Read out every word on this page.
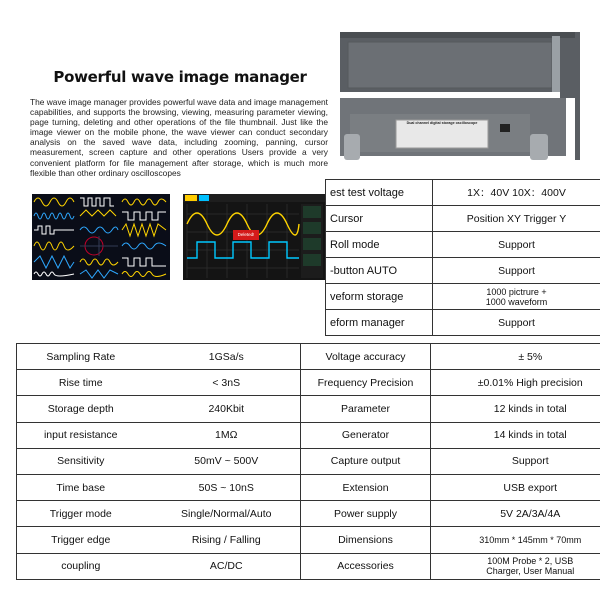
Powerful wave image manager
The wave image manager provides powerful wave data and image management capabilities, and supports the browsing, viewing, measuring parameter viewing, page turning, deleting and other operations of the file thumbnail. Just like the image viewer on the mobile phone, the wave viewer can conduct secondary analysis on the saved wave data, including zooming, panning, cursor measurement, screen capture and other operations Users provide a very convenient platform for file management after storage, which is much more flexible than other ordinary oscilloscopes
Deleted!
Dual channel digital storage oscilloscope
est test voltage	1X：40V 10X：400V
Cursor	Position XY Trigger Y
Roll mode	Support
-button AUTO	Support
veform storage	1000 pictrure +
1000 waveform

eform manager	Support
Sampling Rate		1GSa/s	Voltage accuracy		± 5%
Rise time		< 3nS	Frequency Precision		±0.01% High precision
Storage depth		240Kbit	Parameter		12 kinds in total
input resistance		1MΩ	Generator		14 kinds in total
Sensitivity		50mV ~ 500V	Capture output		Support
Time base		50S ~ 10nS	Extension		USB export
Trigger mode		Single/Normal/Auto	Power supply		5V 2A/3A/4A
Trigger edge		Rising / Falling	Dimensions		310mm * 145mm * 70mm
coupling		AC/DC	Accessories		100M Probe * 2, USB
Charger, User Manual
